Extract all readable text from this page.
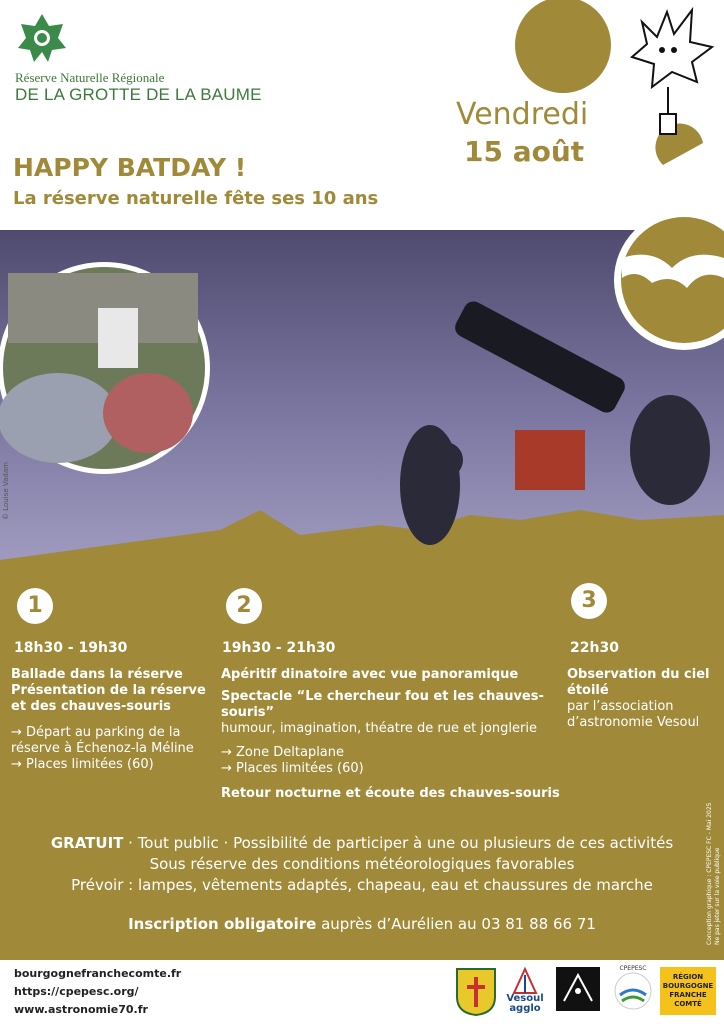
Réserve Naturelle Régionale
DE LA GROTTE DE LA BAUME
Vendredi
15 août
HAPPY BATDAY !
La réserve naturelle fête ses 10 ans
© Louise Vadam
1
18h30 - 19h30
Ballade dans la réserve
Présentation de la réserve et des chauves-souris
→ Départ au parking de la réserve à Échenoz-la Méline
→ Places limitées (60)
2
19h30 - 21h30
Apéritif dinatoire avec vue panoramique
Spectacle “Le chercheur fou et les chauves-souris”
humour, imagination, théatre de rue et jonglerie
→ Zone Deltaplane
→ Places limitées (60)
Retour nocturne et écoute des chauves-souris
3
22h30
Observation du ciel étoilé
par l’association
d’astronomie Vesoul
GRATUIT · Tout public · Possibilité de participer à une ou plusieurs de ces activités
Sous réserve des conditions météorologiques favorables
Prévoir : lampes, vêtements adaptés, chapeau, eau et chaussures de marche
Inscription obligatoire auprès d’Aurélien au 03 81 88 66 71	Conception graphique : CPEPESC FC - Mai 2025 Ne pas jeter sur la voie publique
bourgognefranchecomte.fr
https://cpepesc.org/
www.astronomie70.fr
Vesoul
agglo
CPEPESC
RÉGION
BOURGOGNE
FRANCHE
COMTÉ
